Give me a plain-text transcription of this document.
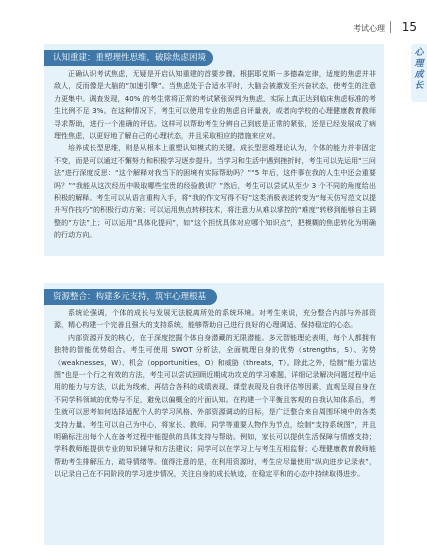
考试心理 15
心理成长
认知重建：重塑理性思维，破除焦虑困境

正确认识考试焦虑，无疑是开启认知重建的首要步骤。根据耶克斯－多德森定律，适度的焦虑并非敌人，反而像是大脑的“加速引擎”。当焦虑处于合适水平时，大脑会被激发至兴奋状态，使考生的注意力更集中。调查发现，40% 的考生常将正常的考试紧张误判为焦虑，实际上真正达到临床焦虑标准的考生比例不足 3%。在这种情况下，考生可以使用专业的焦虑自评量表，或者向学校的心理健康教育教师寻求帮助，进行一个准确的评估。这样可以帮助考生分辨自己到底是正常的紧张，还是已经发展成了病理性焦虑，以更好地了解自己的心理状态，并且采取相应的措施来应对。

培养成长型思维，则是从根本上重塑认知模式的关键。成长型思维理论认为，个体的能力并非固定不变，而是可以通过不懈努力和积极学习逐步提升。当学习和生活中遇到挫折时，考生可以先运用“三问法”进行深度反思：“这个解释对我当下的困境有实际帮助吗？”“5 年后，这件事在我的人生中还会重要吗？”“我能从这次经历中吸取哪些宝贵的经验教训？”然后，考生可以尝试从至少 3 个不同的角度给出积极的解释。考生可以从语言重构入手，将“我的作文写得不好”这类消极表述转变为“每天仿写范文以提升写作技巧”的积极行动方案；可以运用焦点转移技术，将注意力从难以掌控的“难度”转移到能够自主调整的“方法”上；可以运用“具体化提问”，如“这个担忧具体对应哪个知识点”，把模糊的焦虑转化为明确的行动方向。

资源整合：构建多元支持，筑牢心理根基

系统论强调，个体的成长与发展无法脱离所处的系统环境。对考生来说，充分整合内部与外部资源，精心构建一个完善且强大的支持系统，能够帮助自己进行良好的心理调适、保持稳定的心态。

内部资源开发的核心，在于深度挖掘个体自身潜藏的无限潜能。多元智能理论表明，每个人都拥有独特的智能优势组合。考生可使用 SWOT 分析法，全面梳理自身的优势（strengths，S）、劣势（weaknesses，W）、机会（opportunities，O）和威胁（threats，T）。除此之外，绘制“能力雷达图”也是一个行之有效的方法，考生可以尝试回顾近期成功攻克的学习难题，详细记录解决问题过程中运用的能力与方法，以此为线索，再结合各科的成绩表现、课堂表现及自我评估等因素，直观呈现自身在不同学科领域的优势与不足，避免以偏概全的片面认知。在构建一个平衡且客观的自我认知体系后，考生就可以思考如何选择适配个人的学习风格、外部资源调动的目标，是广泛整合来自周围环境中的各类支持力量。考生可以自己为中心，将家长、教师、同学等重要人物作为节点，绘制“支持系统图”，并且明确标注出每个人在备考过程中能提供的具体支持与帮助。例如，家长可以提供生活保障与情感支持；学科教师能提供专业的知识辅导和方法建议；同学可以在学习上与考生互相监督；心理健康教育教师能帮助考生排解压力，疏导情绪等。值得注意的是，在利用资源时，考生应尽量使用“纵向进步记录表”，以记录自己在不同阶段的学习进步情况，关注自身的成长轨迹，在稳定平和的心态中持续取得进步。
